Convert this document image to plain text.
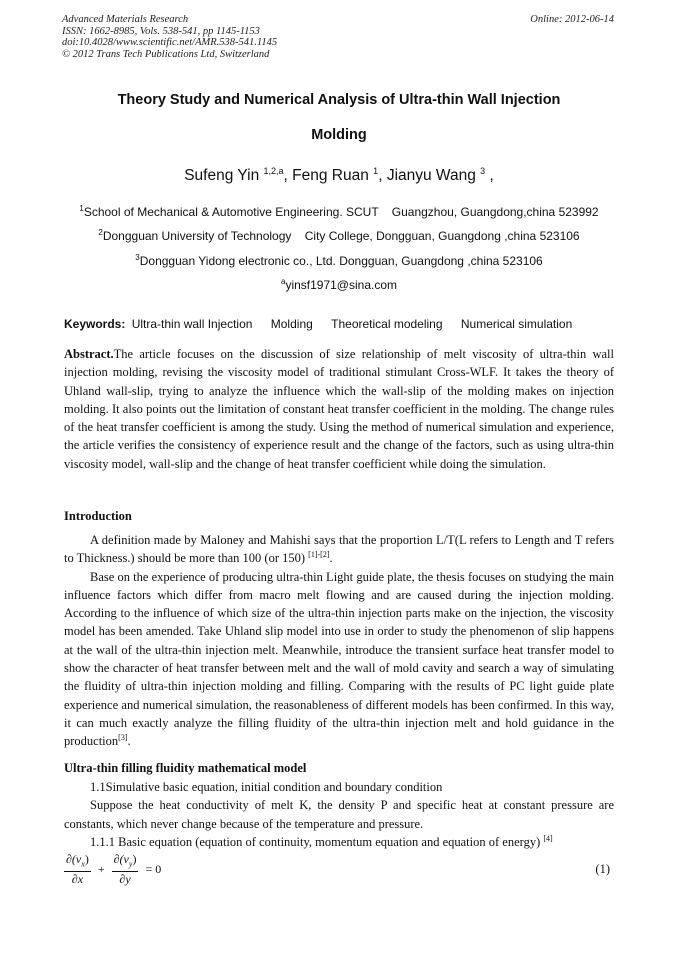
Advanced Materials Research
ISSN: 1662-8985, Vols. 538-541, pp 1145-1153
doi:10.4028/www.scientific.net/AMR.538-541.1145
© 2012 Trans Tech Publications Ltd, Switzerland
Online: 2012-06-14
Theory Study and Numerical Analysis of Ultra-thin Wall Injection
Molding
Sufeng Yin $^{1,2,a}$, Feng Ruan $^1$, Jianyu Wang $^3$ ,
$^1$School of Mechanical & Automotive Engineering. SCUT    Guangzhou, Guangdong,china 523992
$^2$Dongguan University of Technology    City College, Dongguan, Guangdong ,china 523106
$^3$Dongguan Yidong electronic co., Ltd. Dongguan, Guangdong ,china 523106
$^a$yinsf1971@sina.com
Keywords: Ultra-thin wall Injection Molding Theoretical modeling Numerical simulation
Abstract.The article focuses on the discussion of size relationship of melt viscosity of ultra-thin wall injection molding, revising the viscosity model of traditional stimulant Cross-WLF. It takes the theory of Uhland wall-slip, trying to analyze the influence which the wall-slip of the molding makes on injection molding. It also points out the limitation of constant heat transfer coefficient in the molding. The change rules of the heat transfer coefficient is among the study. Using the method of numerical simulation and experience, the article verifies the consistency of experience result and the change of the factors, such as using ultra-thin viscosity model, wall-slip and the change of heat transfer coefficient while doing the simulation.
Introduction

A definition made by Maloney and Mahishi says that the proportion L/T(L refers to Length and T refers to Thickness.) should be more than 100 (or 150) [1]-[2].

Base on the experience of producing ultra-thin Light guide plate, the thesis focuses on studying the main influence factors which differ from macro melt flowing and are caused during the injection molding. According to the influence of which size of the ultra-thin injection parts make on the injection, the viscosity model has been amended. Take Uhland slip model into use in order to study the phenomenon of slip happens at the wall of the ultra-thin injection melt. Meanwhile, introduce the transient surface heat transfer model to show the character of heat transfer between melt and the wall of mold cavity and search a way of simulating the fluidity of ultra-thin injection molding and filling. Comparing with the results of PC light guide plate experience and numerical simulation, the reasonableness of different models has been confirmed. In this way, it can much exactly analyze the filling fluidity of the ultra-thin injection melt and hold guidance in the production[3].

Ultra-thin filling fluidity mathematical model

1.1Simulative basic equation, initial condition and boundary condition

Suppose the heat conductivity of melt K, the density P and specific heat at constant pressure are constants, which never change because of the temperature and pressure.

1.1.1 Basic equation (equation of continuity, momentum equation and equation of energy) [4]

$\frac{\partial(\nu_x)}{\partial x} + \frac{\partial(\nu_y)}{\partial y} = 0$	(1)
